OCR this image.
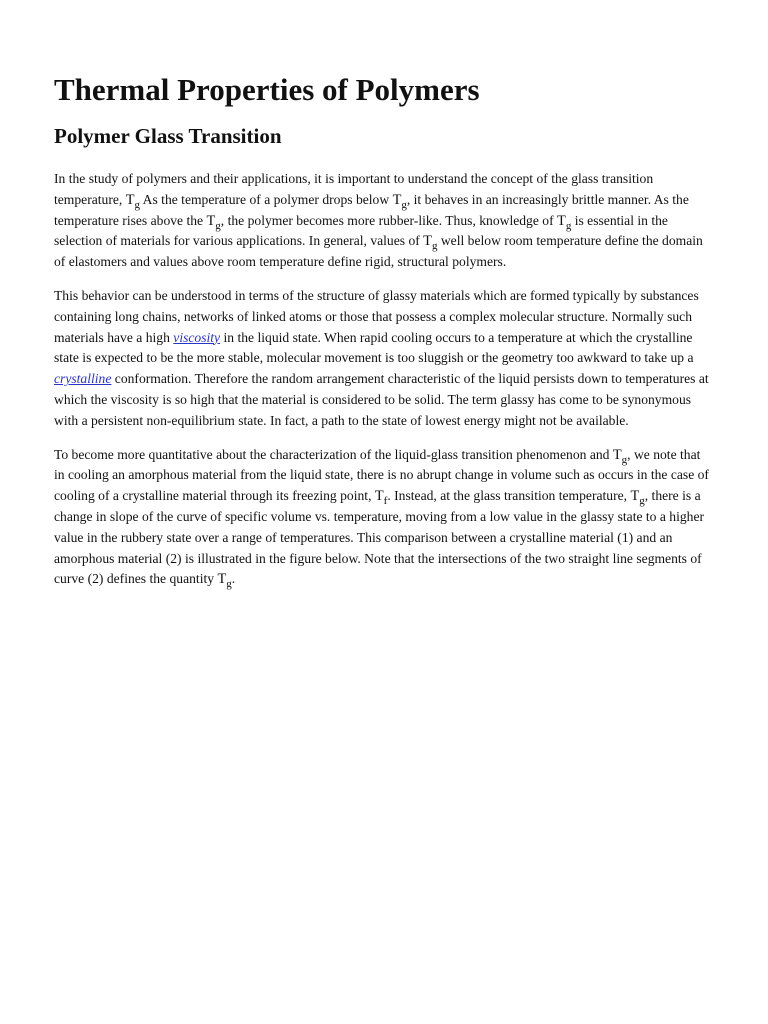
Thermal Properties of Polymers
Polymer Glass Transition

In the study of polymers and their applications, it is important to understand the concept of the glass transition temperature, $T_g$ As the temperature of a polymer drops below $T_g$, it behaves in an increasingly brittle manner. As the temperature rises above the $T_g$, the polymer becomes more rubber-like. Thus, knowledge of $T_g$ is essential in the selection of materials for various applications. In general, values of $T_g$ well below room temperature define the domain of elastomers and values above room temperature define rigid, structural polymers.

This behavior can be understood in terms of the structure of glassy materials which are formed typically by substances containing long chains, networks of linked atoms or those that possess a complex molecular structure. Normally such materials have a high viscosity in the liquid state. When rapid cooling occurs to a temperature at which the crystalline state is expected to be the more stable, molecular movement is too sluggish or the geometry too awkward to take up a crystalline conformation. Therefore the random arrangement characteristic of the liquid persists down to temperatures at which the viscosity is so high that the material is considered to be solid. The term glassy has come to be synonymous with a persistent non-equilibrium state. In fact, a path to the state of lowest energy might not be available.

To become more quantitative about the characterization of the liquid-glass transition phenomenon and $T_g$, we note that in cooling an amorphous material from the liquid state, there is no abrupt change in volume such as occurs in the case of cooling of a crystalline material through its freezing point, $T_f$. Instead, at the glass transition temperature, $T_g$, there is a change in slope of the curve of specific volume vs. temperature, moving from a low value in the glassy state to a higher value in the rubbery state over a range of temperatures. This comparison between a crystalline material (1) and an amorphous material (2) is illustrated in the figure below. Note that the intersections of the two straight line segments of curve (2) defines the quantity $T_g$.
